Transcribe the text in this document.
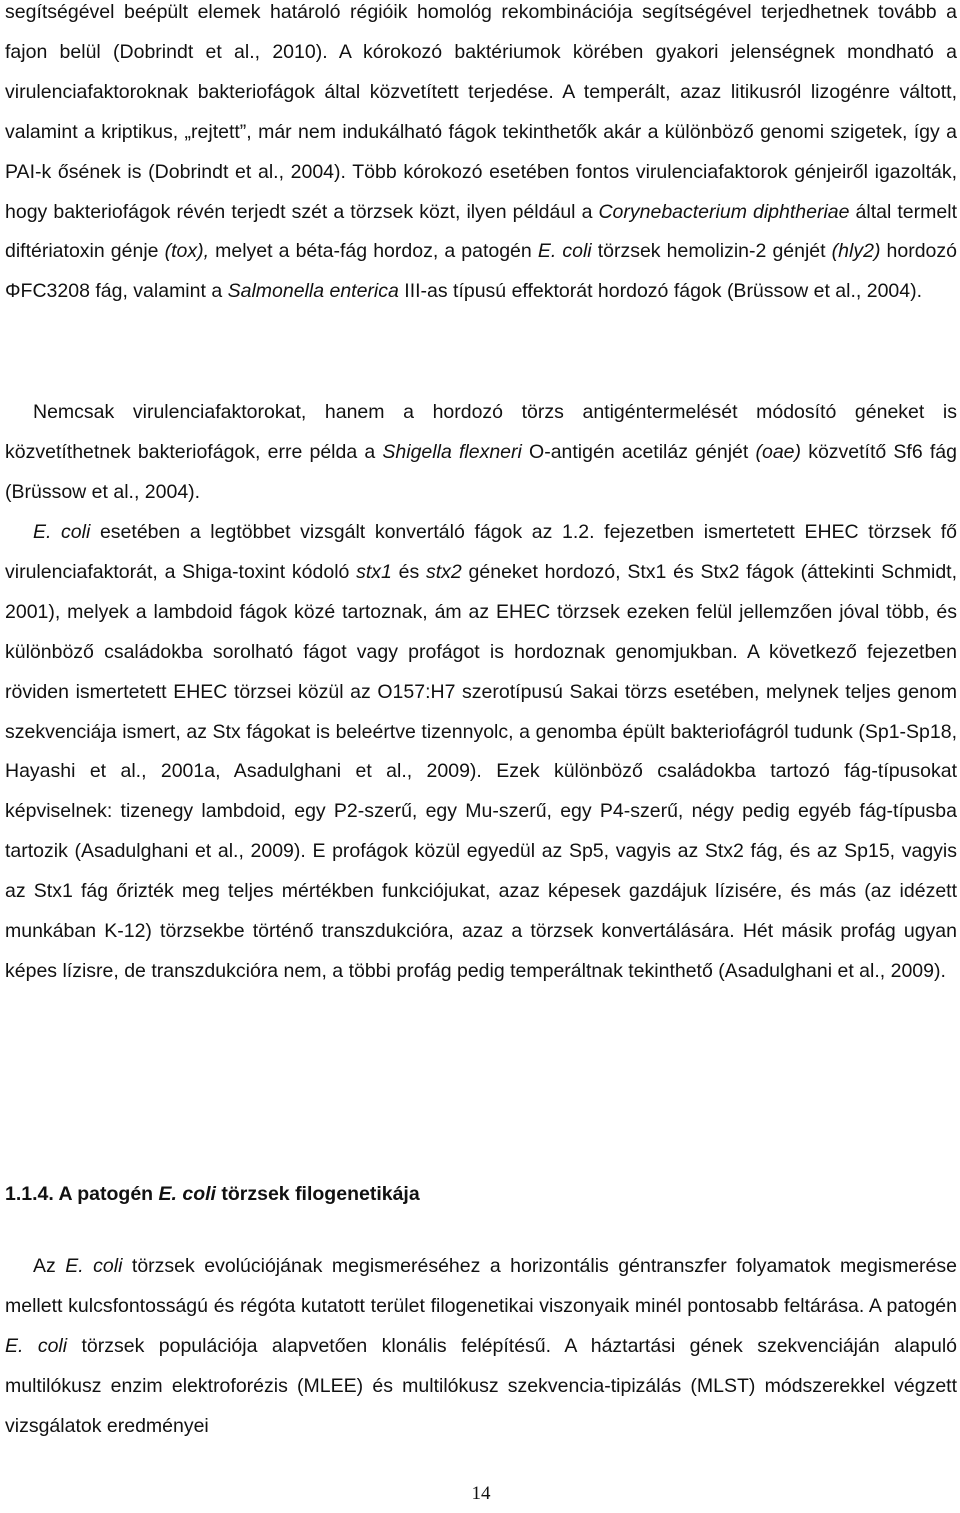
segítségével beépült elemek határoló régióik homológ rekombinációja segítségével terjedhetnek tovább a fajon belül (Dobrindt et al., 2010). A kórokozó baktériumok körében gyakori jelenségnek mondható a virulenciafaktoroknak bakteriofágok által közvetített terjedése. A temperált, azaz litikusról lizogénre váltott, valamint a kriptikus, „rejtett”, már nem indukálható fágok tekinthetők akár a különböző genomi szigetek, így a PAI-k ősének is (Dobrindt et al., 2004). Több kórokozó esetében fontos virulenciafaktorok génjeiről igazolták, hogy bakteriofágok révén terjedt szét a törzsek közt, ilyen például a Corynebacterium diphtheriae által termelt diftériatoxin génje (tox), melyet a béta-fág hordoz, a patogén E. coli törzsek hemolizin-2 génjét (hly2) hordozó ΦFC3208 fág, valamint a Salmonella enterica III-as típusú effektorát hordozó fágok (Brüssow et al., 2004).

Nemcsak virulenciafaktorokat, hanem a hordozó törzs antigéntermelését módosító géneket is közvetíthetnek bakteriofágok, erre példa a Shigella flexneri O-antigén acetiláz génjét (oae) közvetítő Sf6 fág (Brüssow et al., 2004).

E. coli esetében a legtöbbet vizsgált konvertáló fágok az 1.2. fejezetben ismertetett EHEC törzsek fő virulenciafaktorát, a Shiga-toxint kódoló stx1 és stx2 géneket hordozó, Stx1 és Stx2 fágok (áttekinti Schmidt, 2001), melyek a lambdoid fágok közé tartoznak, ám az EHEC törzsek ezeken felül jellemzően jóval több, és különböző családokba sorolható fágot vagy profágot is hordoznak genomjukban. A következő fejezetben röviden ismertetett EHEC törzsei közül az O157:H7 szerotípusú Sakai törzs esetében, melynek teljes genom szekvenciája ismert, az Stx fágokat is beleértve tizennyolc, a genomba épült bakteriofágról tudunk (Sp1-Sp18, Hayashi et al., 2001a, Asadulghani et al., 2009). Ezek különböző családokba tartozó fág-típusokat képviselnek: tizenegy lambdoid, egy P2-szerű, egy Mu-szerű, egy P4-szerű, négy pedig egyéb fág-típusba tartozik (Asadulghani et al., 2009). E profágok közül egyedül az Sp5, vagyis az Stx2 fág, és az Sp15, vagyis az Stx1 fág őrizték meg teljes mértékben funkciójukat, azaz képesek gazdájuk lízisére, és más (az idézett munkában K-12) törzsekbe történő transzdukcióra, azaz a törzsek konvertálására. Hét másik profág ugyan képes lízisre, de transzdukcióra nem, a többi profág pedig temperáltnak tekinthető (Asadulghani et al., 2009).

1.1.4. A patogén E. coli törzsek filogenetikája

Az E. coli törzsek evolúciójának megismeréséhez a horizontális géntranszfer folyamatok megismerése mellett kulcsfontosságú és régóta kutatott terület filogenetikai viszonyaik minél pontosabb feltárása. A patogén E. coli törzsek populációja alapvetően klonális felépítésű. A háztartási gének szekvenciáján alapuló multilókusz enzim elektroforézis (MLEE) és multilókusz szekvencia-tipizálás (MLST) módszerekkel végzett vizsgálatok eredményei

14
